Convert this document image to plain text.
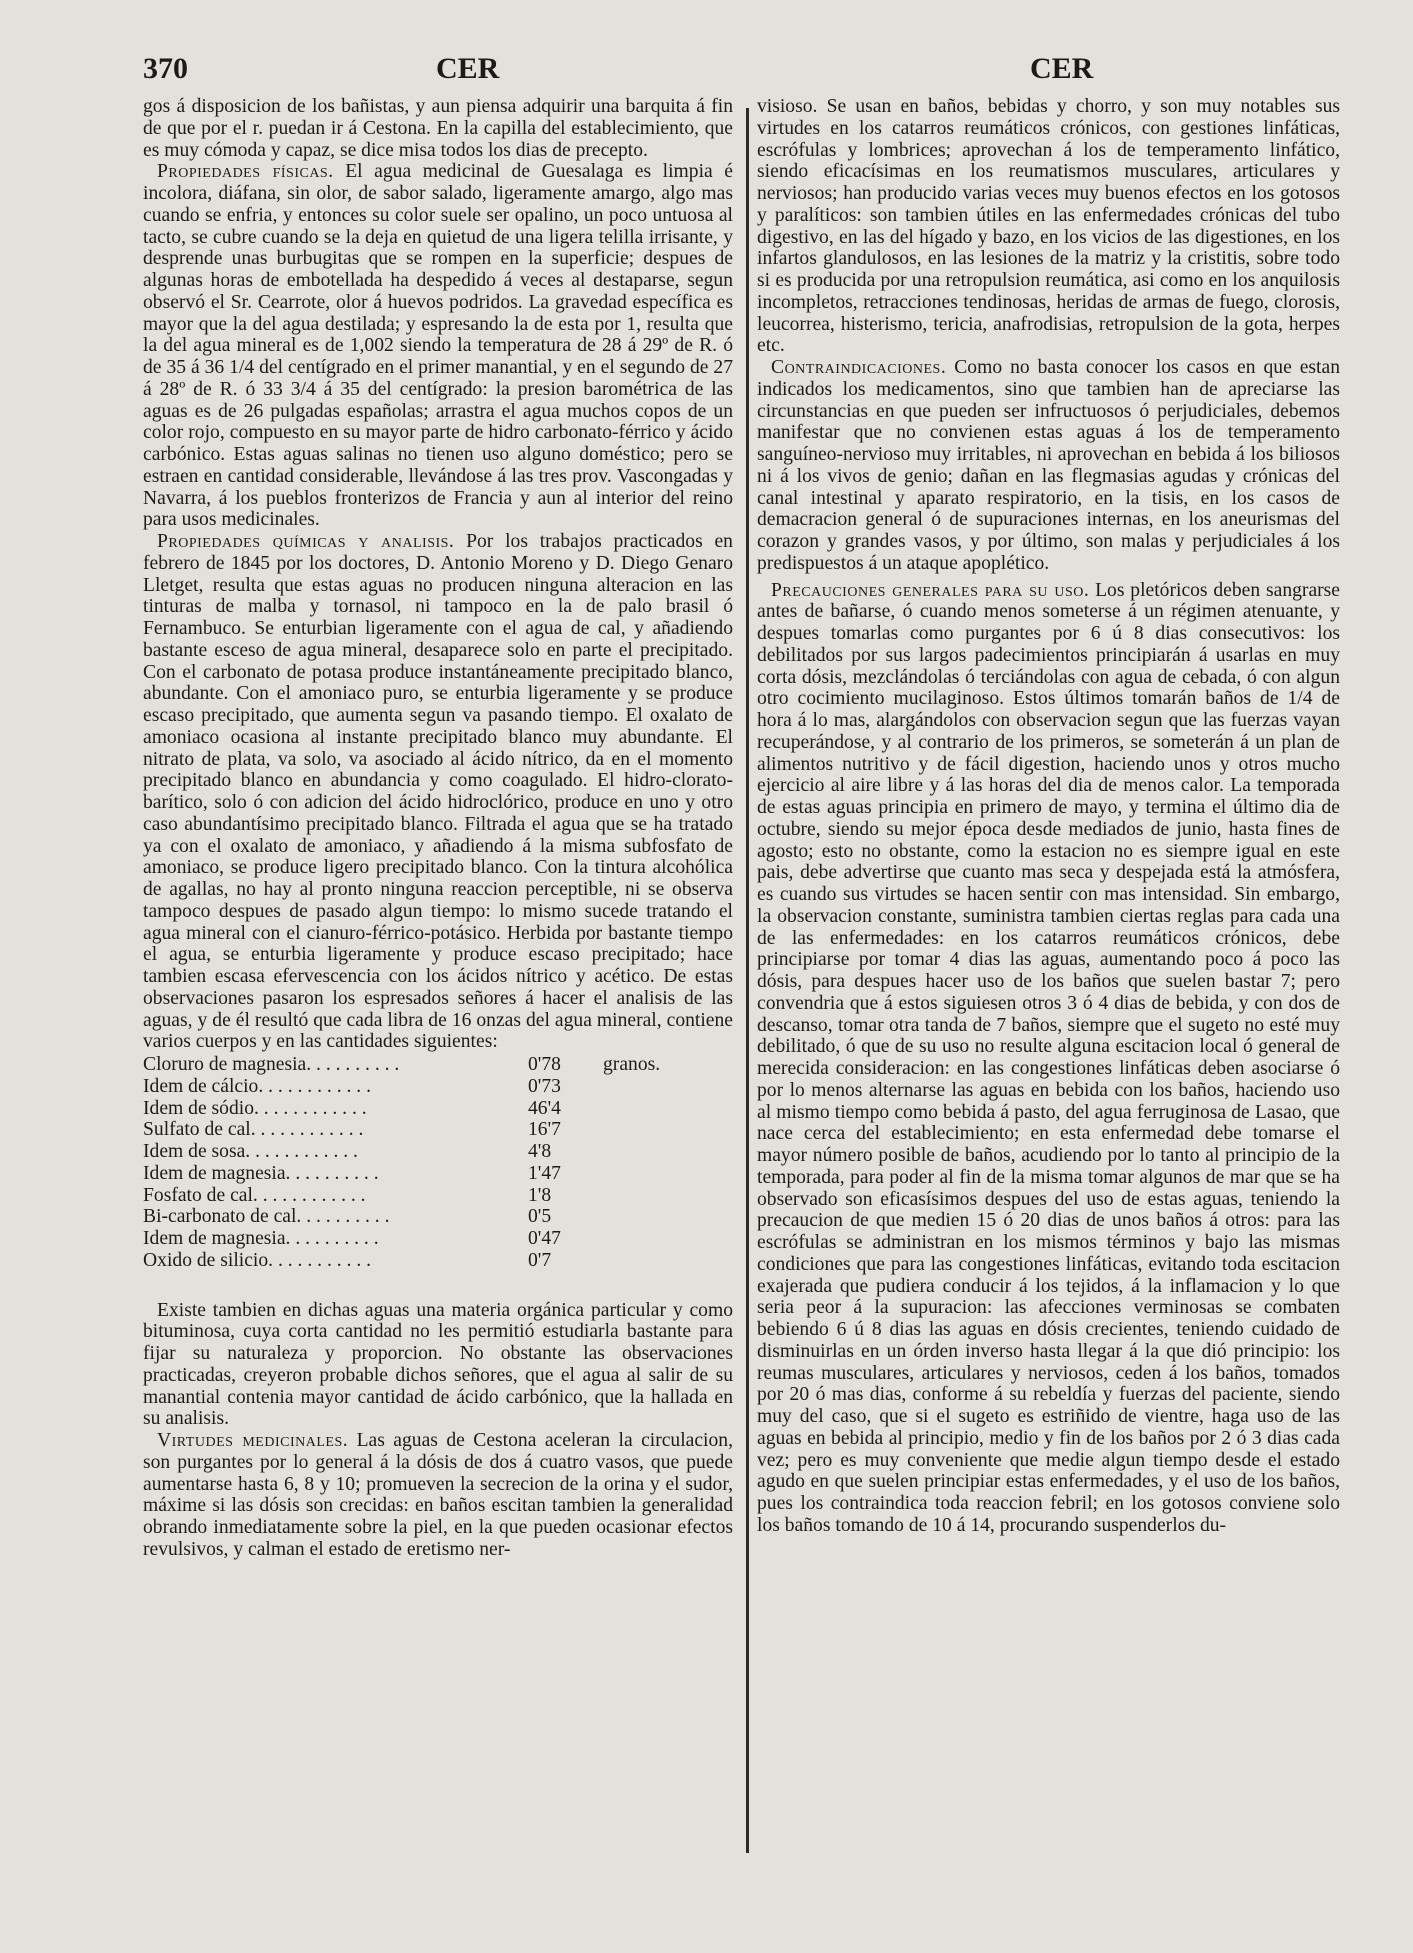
370	CER	CER

gos á disposicion de los bañistas, y aun piensa adquirir una barquita á fin de que por el r. puedan ir á Cestona. En la capilla del establecimiento, que es muy cómoda y capaz, se dice misa todos los dias de precepto.

Propiedades físicas. El agua medicinal de Guesalaga es limpia é incolora, diáfana, sin olor, de sabor salado, ligeramente amargo, algo mas cuando se enfria, y entonces su color suele ser opalino, un poco untuosa al tacto, se cubre cuando se la deja en quietud de una ligera telilla irrisante, y desprende unas burbugitas que se rompen en la superficie; despues de algunas horas de embotellada ha despedido á veces al destaparse, segun observó el Sr. Cearrote, olor á huevos podridos. La gravedad específica es mayor que la del agua destilada; y espresando la de esta por 1, resulta que la del agua mineral es de 1,002 siendo la temperatura de 28 á 29º de R. ó de 35 á 36 1/4 del centígrado en el primer manantial, y en el segundo de 27 á 28º de R. ó 33 3/4 á 35 del centígrado: la presion barométrica de las aguas es de 26 pulgadas españolas; arrastra el agua muchos copos de un color rojo, compuesto en su mayor parte de hidro carbonato-férrico y ácido carbónico. Estas aguas salinas no tienen uso alguno doméstico; pero se estraen en cantidad considerable, llevándose á las tres prov. Vascongadas y Navarra, á los pueblos fronterizos de Francia y aun al interior del reino para usos medicinales.

Propiedades químicas y analisis. Por los trabajos practicados en febrero de 1845 por los doctores, D. Antonio Moreno y D. Diego Genaro Lletget, resulta que estas aguas no producen ninguna alteracion en las tinturas de malba y tornasol, ni tampoco en la de palo brasil ó Fernambuco. Se enturbian ligeramente con el agua de cal, y añadiendo bastante esceso de agua mineral, desaparece solo en parte el precipitado. Con el carbonato de potasa produce instantáneamente precipitado blanco, abundante. Con el amoniaco puro, se enturbia ligeramente y se produce escaso precipitado, que aumenta segun va pasando tiempo. El oxalato de amoniaco ocasiona al instante precipitado blanco muy abundante. El nitrato de plata, va solo, va asociado al ácido nítrico, da en el momento precipitado blanco en abundancia y como coagulado. El hidro-clorato-barítico, solo ó con adicion del ácido hidroclórico, produce en uno y otro caso abundantísimo precipitado blanco. Filtrada el agua que se ha tratado ya con el oxalato de amoniaco, y añadiendo á la misma subfosfato de amoniaco, se produce ligero precipitado blanco. Con la tintura alcohólica de agallas, no hay al pronto ninguna reaccion perceptible, ni se observa tampoco despues de pasado algun tiempo: lo mismo sucede tratando el agua mineral con el cianuro-férrico-potásico. Herbida por bastante tiempo el agua, se enturbia ligeramente y produce escaso precipitado; hace tambien escasa efervescencia con los ácidos nítrico y acético. De estas observaciones pasaron los espresados señores á hacer el analisis de las aguas, y de él resultó que cada libra de 16 onzas del agua mineral, contiene varios cuerpos y en las cantidades siguientes:

Cloruro de magnesia. . . . . . . . . .	0'78	granos.
Idem de cálcio. . . . . . . . . . . .	0'73	
Idem de sódio. . . . . . . . . . . .	46'4	
Sulfato de cal. . . . . . . . . . . .	16'7	
Idem de sosa. . . . . . . . . . . .	4'8	
Idem de magnesia. . . . . . . . . .	1'47	
Fosfato de cal. . . . . . . . . . . .	1'8	
Bi-carbonato de cal. . . . . . . . . .	0'5	
Idem de magnesia. . . . . . . . . .	0'47	
Oxido de silicio. . . . . . . . . . .	0'7	

Existe tambien en dichas aguas una materia orgánica particular y como bituminosa, cuya corta cantidad no les permitió estudiarla bastante para fijar su naturaleza y proporcion. No obstante las observaciones practicadas, creyeron probable dichos señores, que el agua al salir de su manantial contenia mayor cantidad de ácido carbónico, que la hallada en su analisis.

Virtudes medicinales. Las aguas de Cestona aceleran la circulacion, son purgantes por lo general á la dósis de dos á cuatro vasos, que puede aumentarse hasta 6, 8 y 10; promueven la secrecion de la orina y el sudor, máxime si las dósis son crecidas: en baños escitan tambien la generalidad obrando inmediatamente sobre la piel, en la que pueden ocasionar efectos revulsivos, y calman el estado de eretismo ner-

visioso. Se usan en baños, bebidas y chorro, y son muy notables sus virtudes en los catarros reumáticos crónicos, con gestiones linfáticas, escrófulas y lombrices; aprovechan á los de temperamento linfático, siendo eficacísimas en los reumatismos musculares, articulares y nerviosos; han producido varias veces muy buenos efectos en los gotosos y paralíticos: son tambien útiles en las enfermedades crónicas del tubo digestivo, en las del hígado y bazo, en los vicios de las digestiones, en los infartos glandulosos, en las lesiones de la matriz y la cristitis, sobre todo si es producida por una retropulsion reumática, asi como en los anquilosis incompletos, retracciones tendinosas, heridas de armas de fuego, clorosis, leucorrea, histerismo, tericia, anafrodisias, retropulsion de la gota, herpes etc.

Contraindicaciones. Como no basta conocer los casos en que estan indicados los medicamentos, sino que tambien han de apreciarse las circunstancias en que pueden ser infructuosos ó perjudiciales, debemos manifestar que no convienen estas aguas á los de temperamento sanguíneo-nervioso muy irritables, ni aprovechan en bebida á los biliosos ni á los vivos de genio; dañan en las flegmasias agudas y crónicas del canal intestinal y aparato respiratorio, en la tisis, en los casos de demacracion general ó de supuraciones internas, en los aneurismas del corazon y grandes vasos, y por último, son malas y perjudiciales á los predispuestos á un ataque apoplético.

Precauciones generales para su uso. Los pletóricos deben sangrarse antes de bañarse, ó cuando menos someterse á un régimen atenuante, y despues tomarlas como purgantes por 6 ú 8 dias consecutivos: los debilitados por sus largos padecimientos principiarán á usarlas en muy corta dósis, mezclándolas ó terciándolas con agua de cebada, ó con algun otro cocimiento mucilaginoso. Estos últimos tomarán baños de 1/4 de hora á lo mas, alargándolos con observacion segun que las fuerzas vayan recuperándose, y al contrario de los primeros, se someterán á un plan de alimentos nutritivo y de fácil digestion, haciendo unos y otros mucho ejercicio al aire libre y á las horas del dia de menos calor. La temporada de estas aguas principia en primero de mayo, y termina el último dia de octubre, siendo su mejor época desde mediados de junio, hasta fines de agosto; esto no obstante, como la estacion no es siempre igual en este pais, debe advertirse que cuanto mas seca y despejada está la atmósfera, es cuando sus virtudes se hacen sentir con mas intensidad. Sin embargo, la observacion constante, suministra tambien ciertas reglas para cada una de las enfermedades: en los catarros reumáticos crónicos, debe principiarse por tomar 4 dias las aguas, aumentando poco á poco las dósis, para despues hacer uso de los baños que suelen bastar 7; pero convendria que á estos siguiesen otros 3 ó 4 dias de bebida, y con dos de descanso, tomar otra tanda de 7 baños, siempre que el sugeto no esté muy debilitado, ó que de su uso no resulte alguna escitacion local ó general de merecida consideracion: en las congestiones linfáticas deben asociarse ó por lo menos alternarse las aguas en bebida con los baños, haciendo uso al mismo tiempo como bebida á pasto, del agua ferruginosa de Lasao, que nace cerca del establecimiento; en esta enfermedad debe tomarse el mayor número posible de baños, acudiendo por lo tanto al principio de la temporada, para poder al fin de la misma tomar algunos de mar que se ha observado son eficasísimos despues del uso de estas aguas, teniendo la precaucion de que medien 15 ó 20 dias de unos baños á otros: para las escrófulas se administran en los mismos términos y bajo las mismas condiciones que para las congestiones linfáticas, evitando toda escitacion exajerada que pudiera conducir á los tejidos, á la inflamacion y lo que seria peor á la supuracion: las afecciones verminosas se combaten bebiendo 6 ú 8 dias las aguas en dósis crecientes, teniendo cuidado de disminuirlas en un órden inverso hasta llegar á la que dió principio: los reumas musculares, articulares y nerviosos, ceden á los baños, tomados por 20 ó mas dias, conforme á su rebeldía y fuerzas del paciente, siendo muy del caso, que si el sugeto es estriñido de vientre, haga uso de las aguas en bebida al principio, medio y fin de los baños por 2 ó 3 dias cada vez; pero es muy conveniente que medie algun tiempo desde el estado agudo en que suelen principiar estas enfermedades, y el uso de los baños, pues los contraindica toda reaccion febril; en los gotosos conviene solo los baños tomando de 10 á 14, procurando suspenderlos du-
